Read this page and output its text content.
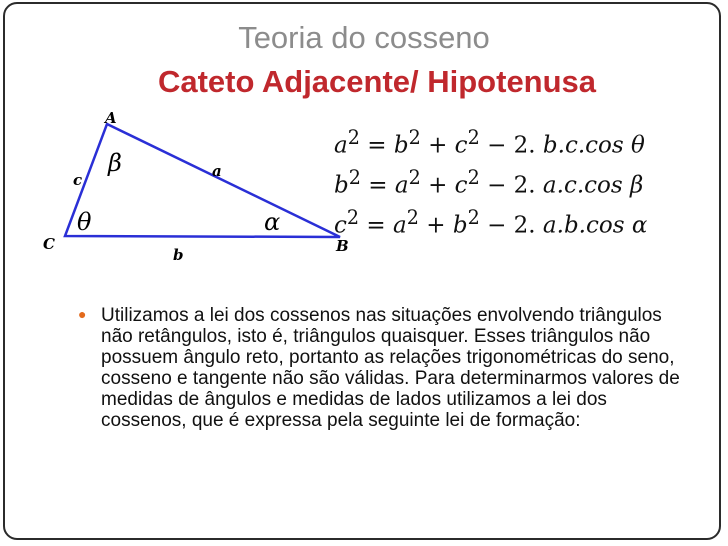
Teoria do cosseno
Cateto Adjacente/ Hipotenusa
A
C	B
c	a
b
β
θ	α
$a^2 = b^2 + c^2 - 2$. b.c.cos θ
$b^2 = a^2 + c^2 - 2$. a.c.cos β
$c^2 = a^2 + b^2 - 2$. a.b.cos α
● Utilizamos a lei dos cossenos nas situações envolvendo triângulos não retângulos, isto é, triângulos quaisquer. Esses triângulos não possuem ângulo reto, portanto as relações trigonométricas do seno, cosseno e tangente não são válidas. Para determinarmos valores de medidas de ângulos e medidas de lados utilizamos a lei dos cossenos, que é expressa pela seguinte lei de formação:
